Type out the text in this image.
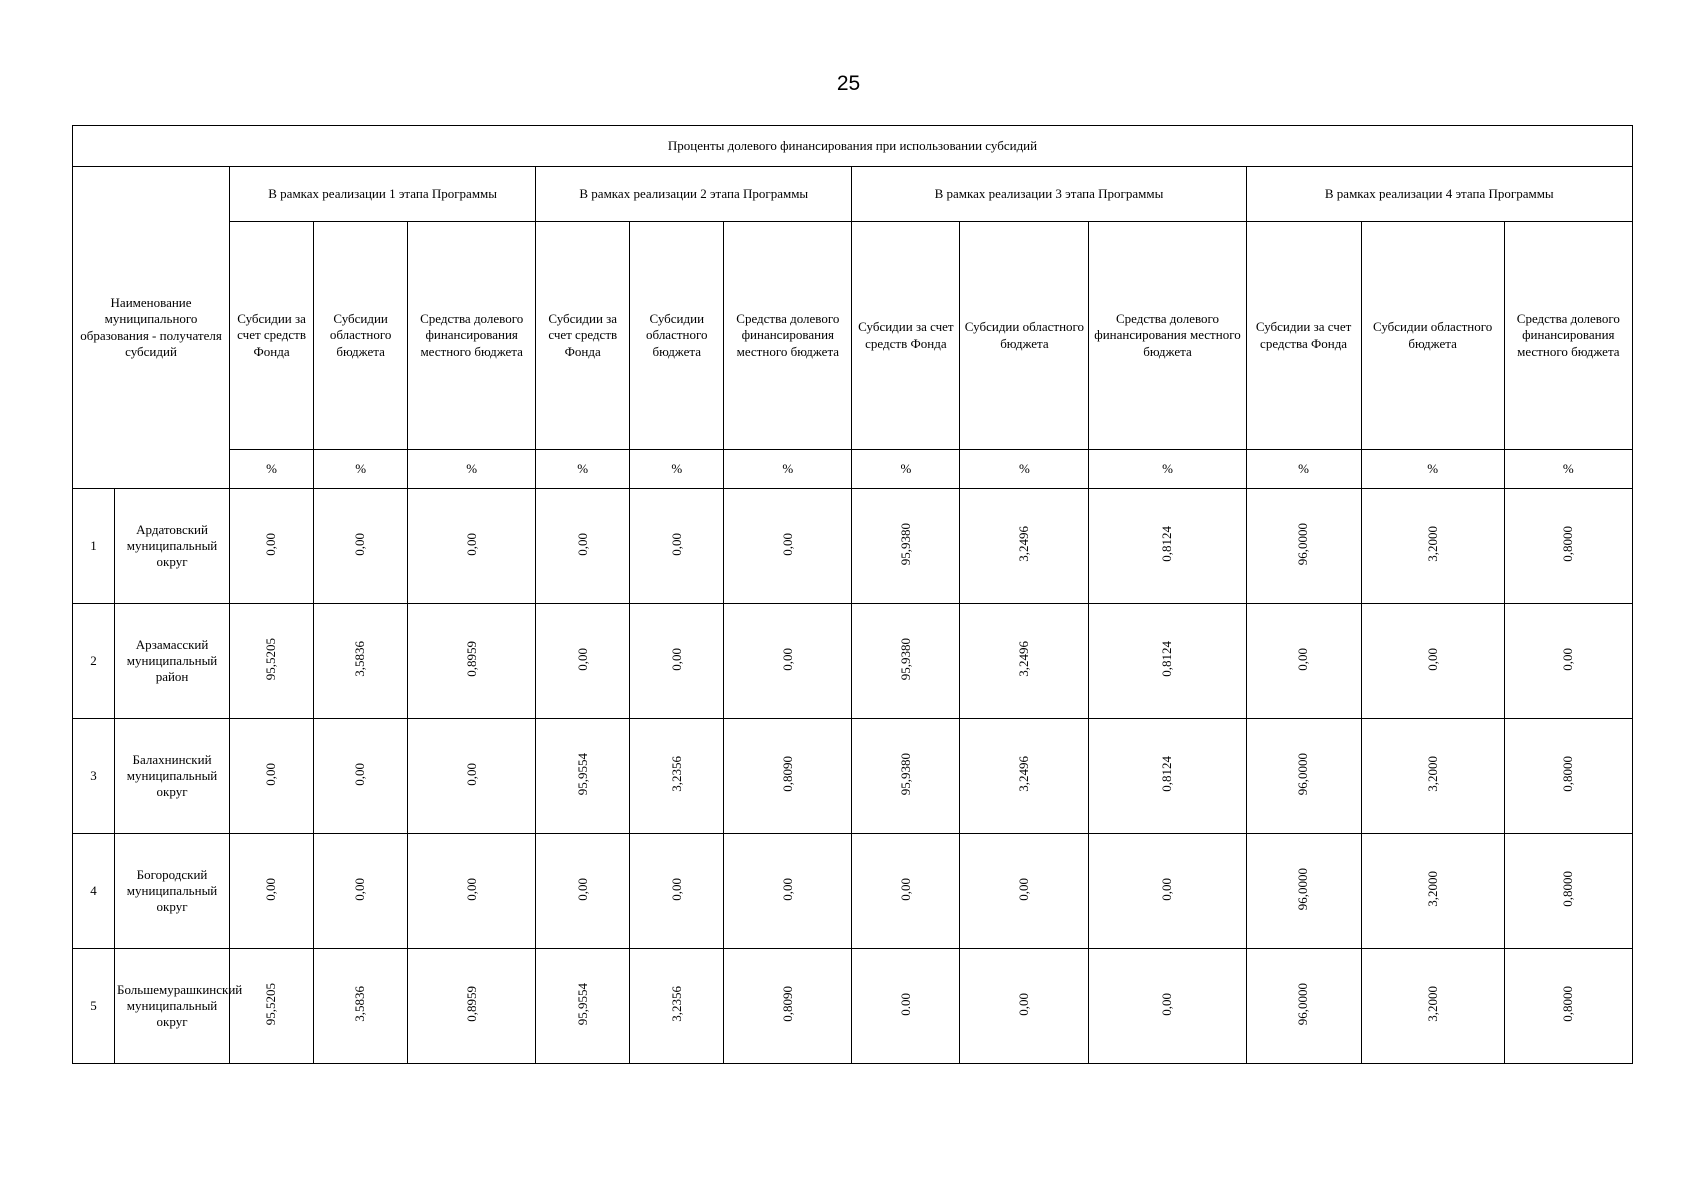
25
Проценты долевого финансирования при использовании субсидий													
Наименование муниципального образования - получателя субсидий		В рамках реализации 1 этапа Программы			В рамках реализации 2 этапа Программы			В рамках реализации 3 этапа Программы			В рамках реализации 4 этапа Программы		
		Субсидии за счет средств Фонда	Субсидии областного бюджета	Средства долевого финансирования местного бюджета	Субсидии за счет средств Фонда	Субсидии областного бюджета	Средства долевого финансирования местного бюджета	Субсидии за счет средств Фонда	Субсидии областного бюджета	Средства долевого финансирования местного бюджета	Субсидии за счет средства Фонда	Субсидии областного бюджета	Средства долевого финансирования местного бюджета
		%	%	%	%	%	%	%	%	%	%	%	%
1	Ардатовский муниципальный округ	0,00	0,00	0,00	0,00	0,00	0,00	95,9380	3,2496	0,8124	96,0000	3,2000	0,8000
2	Арзамасский муниципальный район	95,5205	3,5836	0,8959	0,00	0,00	0,00	95,9380	3,2496	0,8124	0,00	0,00	0,00
3	Балахнинский муниципальный округ	0,00	0,00	0,00	95,9554	3,2356	0,8090	95,9380	3,2496	0,8124	96,0000	3,2000	0,8000
4	Богородский муниципальный округ	0,00	0,00	0,00	0,00	0,00	0,00	0,00	0,00	0,00	96,0000	3,2000	0,8000
5	Большемурашкинский муниципальный округ	95,5205	3,5836	0,8959	95,9554	3,2356	0,8090	0.00	0,00	0,00	96,0000	3,2000	0,8000
